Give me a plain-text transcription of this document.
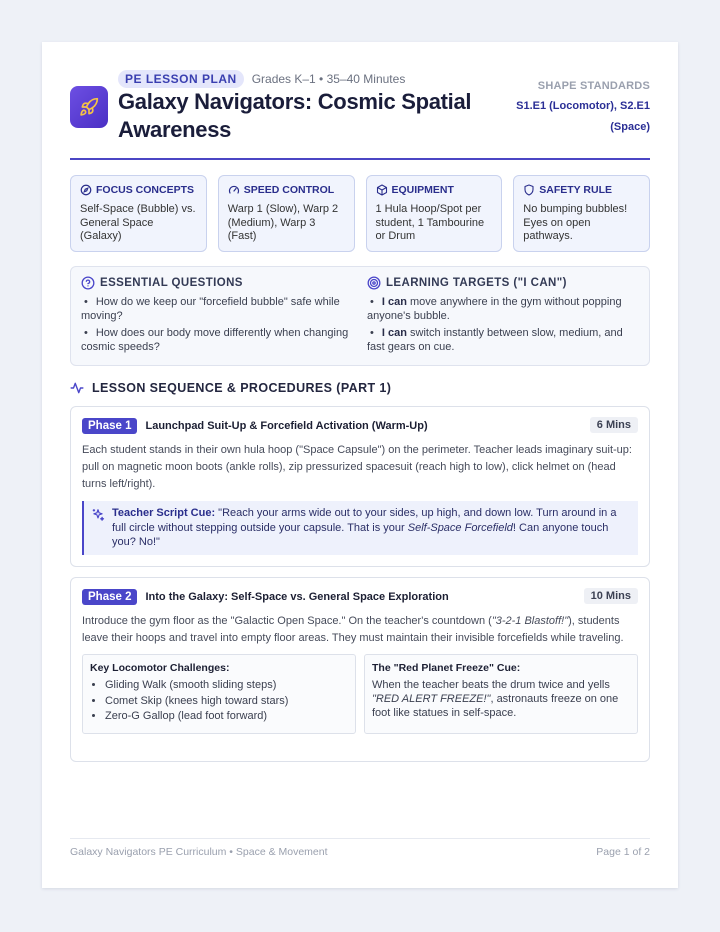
PE LESSON PLAN	Grades K–1 • 35–40 Minutes
Galaxy Navigators: Cosmic Spatial Awareness
SHAPE STANDARDS
S1.E1 (Locomotor), S2.E1 (Space)
FOCUS CONCEPTS
Self-Space (Bubble) vs. General Space (Galaxy)
SPEED CONTROL
Warp 1 (Slow), Warp 2 (Medium), Warp 3 (Fast)
EQUIPMENT
1 Hula Hoop/Spot per student, 1 Tambourine or Drum
SAFETY RULE
No bumping bubbles! Eyes on open pathways.
ESSENTIAL QUESTIONS
• How do we keep our "forcefield bubble" safe while moving?
• How does our body move differently when changing cosmic speeds?
LEARNING TARGETS ("I CAN")
• I can move anywhere in the gym without popping anyone's bubble.
• I can switch instantly between slow, medium, and fast gears on cue.
LESSON SEQUENCE & PROCEDURES (PART 1)
Phase 1	Launchpad Suit-Up & Forcefield Activation (Warm-Up)	6 Mins
Each student stands in their own hula hoop ("Space Capsule") on the perimeter. Teacher leads imaginary suit-up: pull on magnetic moon boots (ankle rolls), zip pressurized spacesuit (reach high to low), click helmet on (head turns left/right).
Teacher Script Cue: "Reach your arms wide out to your sides, up high, and down low. Turn around in a full circle without stepping outside your capsule. That is your Self-Space Forcefield! Can anyone touch you? No!"
Phase 2	Into the Galaxy: Self-Space vs. General Space Exploration	10 Mins
Introduce the gym floor as the "Galactic Open Space." On the teacher's countdown ("3-2-1 Blastoff!"), students leave their hoops and travel into empty floor areas. They must maintain their invisible forcefields while traveling.
Key Locomotor Challenges:
• Gliding Walk (smooth sliding steps)
• Comet Skip (knees high toward stars)
• Zero-G Gallop (lead foot forward)
The "Red Planet Freeze" Cue:
When the teacher beats the drum twice and yells "RED ALERT FREEZE!", astronauts freeze on one foot like statues in self-space.
Galaxy Navigators PE Curriculum • Space & Movement	Page 1 of 2
